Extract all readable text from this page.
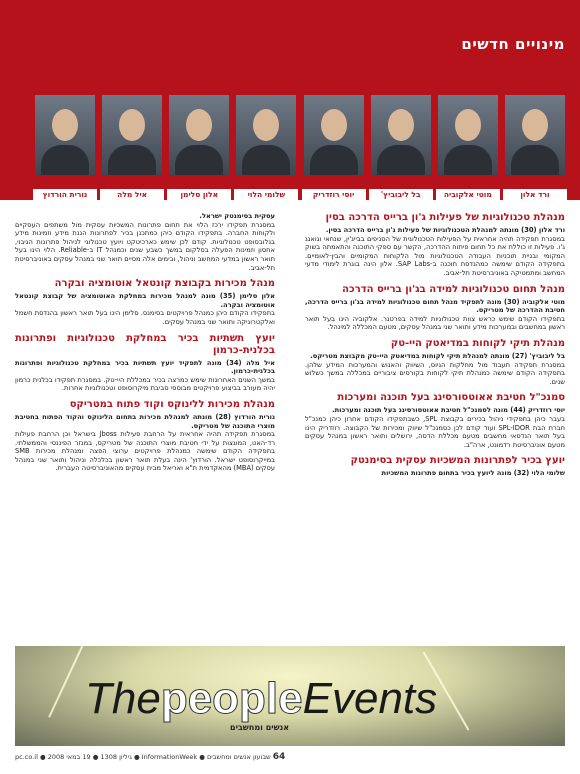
מינויים חדשים
ורד אלון
מוטי אלקוביה
בל ליבוביץ'
יוסי רוזדריק
שלומי הלוי
אלון סלימן
איל מלה
נורית הורדוץ
מנהלת טכנולוגיות של פעילות ג'ון ברייס הדרכה בסין
ורד אלון (30) מונתה למנהלת הטכנולוגיות של פעילות ג'ון ברייס הדרכה בסין.
במסגרת תפקידה תהיה אחראית על הפעילות הטכנולוגית של הסניפים בבייג'ין, שנחאי וגואנג ג'ו. פעילות זו כוללת את כל תחום פיתוח ההדרכה, הקשר עם ספקי התוכנה והתאמתה בשוק המקומי ובניית תוכניות העבודה הטכנולוגיות מול הלקוחות המקומיים והבין-לאומיים. בתפקידה הקודם שימשה כמהנדסת תוכנה ב-SAP Labs. אלון הינה בוגרת לימודי מדעי המחשב ומתמטיקה באוניברסיטת תל-אביב.
מנהל תחום טכנולוגיות למידה בג'ון ברייס הדרכה
מוטי אלקוביה (30) מונה לתפקיד מנהל תחום טכנולוגיות למידה בג'ון ברייס הדרכה, חטיבת ההדרכה של מטריקס.
בתפקידו הקודם שימש כראש צוות טכנולוגיות למידה בפרטנר. אלקוביה הינו בעל תואר ראשון במחשבים ובמערכות מידע ותואר שני במנהל עסקים, מטעם המכללה למינהל.
מנהלת תיקי לקוחות במדיאטק היי-טק
בל ליבוביץ' (27) מונתה למנהלת תיקי לקוחות במדיאטק היי-טק מקבוצת מטריקס.
במסגרת תפקידה תעבוד מול מחלקות הגיוס, השיווק והאנוש והמערכות המידע שלהן. בתפקידה הקודם שימשה כמנהלת תיקי לקוחות בקורסים ציבוריים במכללה במשך כשלוש שנים.
סמנכ"ל חטיבת אאוטסורסינג בעל תוכנה ומערכות
יוסי רוזדריק (44) מונה לסמנכ"ל חטיבת אאוטסורסינג בעל תוכנה ומערכות.
בעבר כיהן בתפקידי ניהול בכירים בקבוצת SPL, כשבתפקידו הקודם אחרון כיהן כמנכ"ל חברת הבת SPL-IDOR ועוד קודם לכן כסמנכ"ל שיווק ומכירות של הקבוצה. רוזדריק הינו בעל תואר הנדסאי מחשבים מטעם מכללת הדסה, ירושלים ותואר ראשון במנהל עסקים מטעם אוניברסיטת רדמונט, ארה"ב.
יועץ בכיר לפתרונות המשכיות עסקית בסימנטק
שלומי הלוי (32) מונה ליועץ בכיר בתחום פתרונות המשכיות
עסקית בסימנטק ישראל.
במסגרת תפקידו ירכז הלוי את תחום פתרונות המשכיות עסקית מול משתפים העסקיים ולקוחות החברה. בתפקידו הקודם כיהן כמתכנן בכיר לפתרונות הגנת מידע וזמינות מידע בגלובסופט טכנולוגיות. קודם לכן שימש כארכיטקט ויועץ טכנולוגי לניהול פתרונות הגיבוי, אחסון וזמינות הפעלה בסלקום במשך כשבע שנים וכמנהל IT ב-Reliable. הלוי הינו בעל תואר ראשון במדעי המחשב וניהול, ובימים אלה מסיים תואר שני במנהל עסקים באוניברסיטת תל-אביב.
מנהל מכירות בקבוצת קונטאל אוטומציה ובקרה
אלון סלימן (35) מונה למנהל מכירות במחלקת האוטומציה של קבוצת קונטאל אוטומציה ובקרה.
בתפקידו הקודם כיהן כמנהל פרויקטים בסימנס. סלימן הינו בעל תואר ראשון בהנדסת חשמל ואלקטרוניקה ותואר שני במנהל עסקים.
יועץ תשתיות בכיר במחלקת טכנולוגיות ופתרונות בכלנית-כרמון
איל מלה (34) מונה לתפקיד יועץ תשתיות בכיר במחלקת טכנולוגיות ופתרונות בכלנית-כרמון.
במשך השנים האחרונות שימש כמרצה בכיר במכללת היי-טק. במסגרת תפקידו בכלנית כרמון יהיה מעורב בביצוע פרויקטים מבוססי סביבת מיקרוסופט וטכנולוגיות אחרות.
מנהלת מכירות ללינוקס וקוד פתוח במטריקס
נורית הורדוץ (28) מונתה למנהלת מכירות בתחום הלינוקס והקוד הפתוח בחטיבת מוצרי התוכנה של מטריקס.
במסגרת תפקידה תהיה אחראית על הרחבת פעילות Jboss בישראל וכן הרחבת פעילות רד-האט, המוגצות על ידי חטיבת מוצרי התוכנה של מטריקס, במגזר הפיננסי והממשלתי. בתפקידה הקודם שימשה כמנהלת פרויקטים ערוצי הפצה ומנהלת מכירות SMB במייקרוסופט ישראל. הורדוץ' הינה בעלת תואר ראשון בכלכלה וניהול ותואר שני במנהל עסקים (MBA) מהאקדמית ת"א ואריאל מבית עסקים מהאוניברסיטה העברית.
ThepeopleEvents
אנשים ומחשבים
64 שבועון אנשים ומחשבים ● InformationWeek ● גיליון 1308 ● 19 במאי 2008 ● pc.co.il
